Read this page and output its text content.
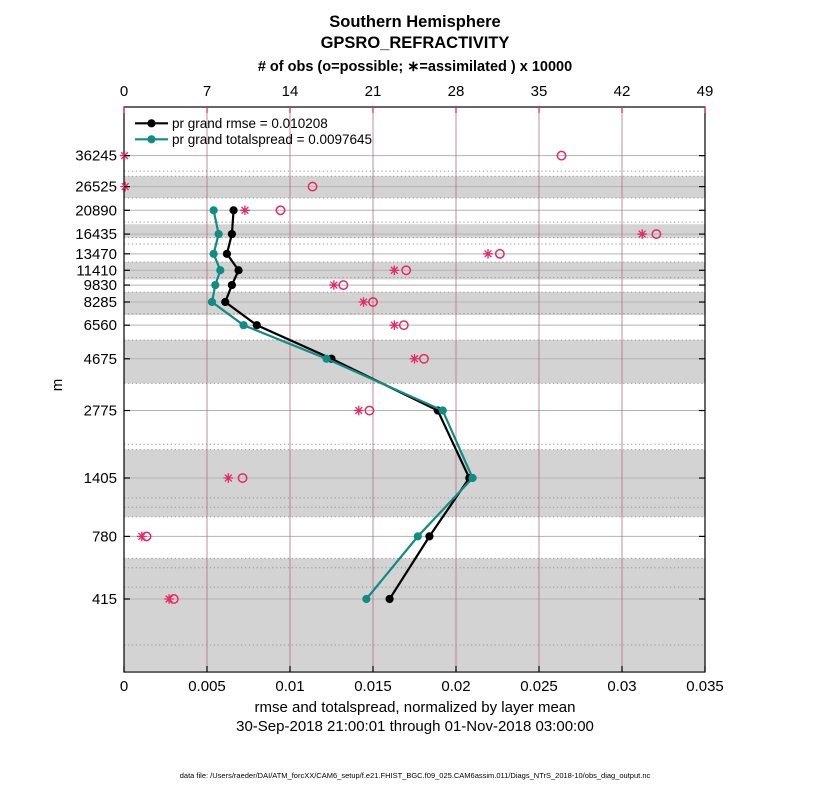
Southern Hemisphere
GPSRO_REFRACTIVITY
# of obs (o=possible; ∗=assimilated ) x 10000
0	7	14	21	28	35	42	49
0	0.005	0.01	0.015	0.02	0.025	0.03	0.035
415
780
1405
2775
4675
6560
8285
9830
11410
13470
16435
20890
26525
36245
pr grand rmse = 0.010208
pr grand totalspread = 0.0097645
m
rmse and totalspread, normalized by layer mean
30-Sep-2018 21:00:01 through 01-Nov-2018 03:00:00
data file: /Users/raeder/DAI/ATM_forcXX/CAM6_setup/f.e21.FHIST_BGC.f09_025.CAM6assim.011/Diags_NTrS_2018-10/obs_diag_output.nc
